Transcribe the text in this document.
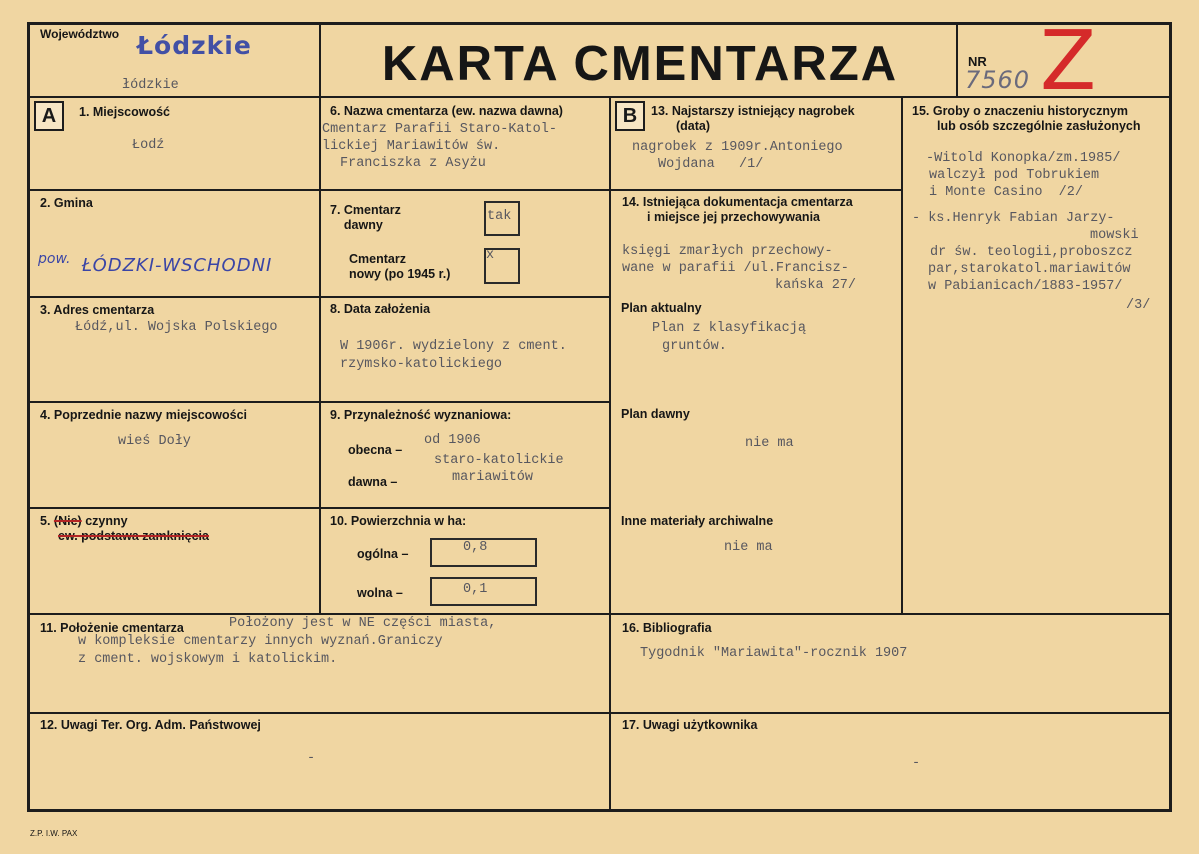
Województwo Łódzkie
łódzkie	KARTA CMENTARZA	NR
7560 Z
A	1. Miejscowość
Łodź
2. Gmina
pow. ŁÓDZKI-WSCHODNI
3. Adres cmentarza
Łódź,ul. Wojska Polskiego
4. Poprzednie nazwy miejscowości
wieś Doły
5. (Nie) czynny
ew. podstawa zamknięcia
6. Nazwa cmentarza (ew. nazwa dawna)
Cmentarz Parafii Staro-Katol-
lickiej Mariawitów św.
Franciszka z Asyżu
7. Cmentarz
dawny
tak
Cmentarz
nowy (po 1945 r.)
x
8. Data założenia
W 1906r. wydzielony z cment.
rzymsko-katolickiego
9. Przynależność wyznaniowa:
obecna –
od 1906
staro-katolickie
mariawitów
dawna –
10. Powierzchnia w ha:
ogólna –	0,8
wolna –	0,1
B	13. Najstarszy istniejący nagrobek
(data)
nagrobek z 1909r.Antoniego
Wojdana   /1/
14. Istniejąca dokumentacja cmentarza
i miejsce jej przechowywania
księgi zmarłych przechowy-
wane w parafii /ul.Francisz-
kańska 27/
Plan aktualny
Plan z klasyfikacją
gruntów.
Plan dawny
nie ma
Inne materiały archiwalne
nie ma
15. Groby o znaczeniu historycznym
lub osób szczególnie zasłużonych
-Witold Konopka/zm.1985/
walczył pod Tobrukiem
i Monte Casino  /2/
- ks.Henryk Fabian Jarzy-
mowski
dr św. teologii,proboszcz
par,starokatol.mariawitów
w Pabianicach/1883-1957/
/3/
11. Położenie cmentarza	Położony jest w NE części miasta,
w kompleksie cmentarzy innych wyznań.Graniczy
z cment. wojskowym i katolickim.
16. Bibliografia
Tygodnik "Mariawita"-rocznik 1907
12. Uwagi Ter. Org. Adm. Państwowej
-
17. Uwagi użytkownika
-
Z.P. I.W. PAX
